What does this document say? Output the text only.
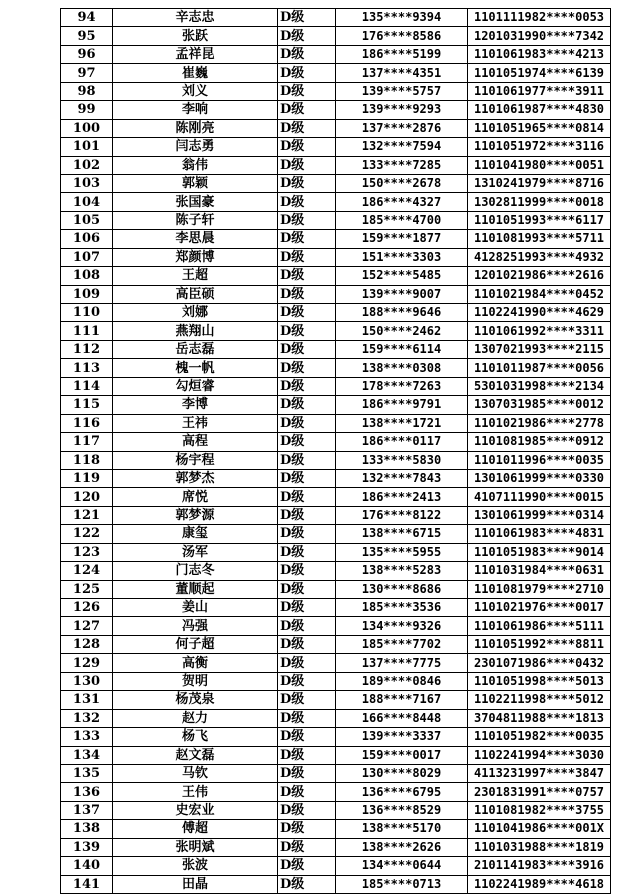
94	辛志忠	D级	135****9394	1101111982****0053
95	张跃	D级	176****8586	1201031990****7342
96	孟祥昆	D级	186****5199	1101061983****4213
97	崔巍	D级	137****4351	1101051974****6139
98	刘义	D级	139****5757	1101061977****3911
99	李响	D级	139****9293	1101061987****4830
100	陈刚亮	D级	137****2876	1101051965****0814
101	闫志勇	D级	132****7594	1101051972****3116
102	翁伟	D级	133****7285	1101041980****0051
103	郭颖	D级	150****2678	1310241979****8716
104	张国豪	D级	186****4327	1302811999****0018
105	陈子轩	D级	185****4700	1101051993****6117
106	李思晨	D级	159****1877	1101081993****5711
107	郑颜博	D级	151****3303	4128251993****4932
108	王超	D级	152****5485	1201021986****2616
109	高臣硕	D级	139****9007	1101021984****0452
110	刘娜	D级	188****9646	1102241990****4629
111	燕翔山	D级	150****2462	1101061992****3311
112	岳志磊	D级	159****6114	1307021993****2115
113	槐一帆	D级	138****0308	1101011987****0056
114	勾烜睿	D级	178****7263	5301031998****2134
115	李博	D级	186****9791	1307031985****0012
116	王祎	D级	138****1721	1101021986****2778
117	高程	D级	186****0117	1101081985****0912
118	杨宇程	D级	133****5830	1101011996****0035
119	郭梦杰	D级	132****7843	1301061999****0330
120	席悦	D级	186****2413	4107111990****0015
121	郭梦源	D级	176****8122	1301061999****0314
122	康玺	D级	138****6715	1101061983****4831
123	汤军	D级	135****5955	1101051983****9014
124	门志冬	D级	138****5283	1101031984****0631
125	董顺起	D级	130****8686	1101081979****2710
126	姜山	D级	185****3536	1101021976****0017
127	冯强	D级	134****9326	1101061986****5111
128	何子超	D级	185****7702	1101051992****8811
129	高衡	D级	137****7775	2301071986****0432
130	贺明	D级	189****0846	1101051998****5013
131	杨茂泉	D级	188****7167	1102211998****5012
132	赵力	D级	166****8448	3704811988****1813
133	杨飞	D级	139****3337	1101051982****0035
134	赵文磊	D级	159****0017	1102241994****3030
135	马钦	D级	130****8029	4113231997****3847
136	王伟	D级	136****6795	2301831991****0757
137	史宏业	D级	136****8529	1101081982****3755
138	傅超	D级	138****5170	1101041986****001X
139	张明斌	D级	138****2626	1101031988****1819
140	张波	D级	134****0644	2101141983****3916
141	田晶	D级	185****0713	1102241989****4618
